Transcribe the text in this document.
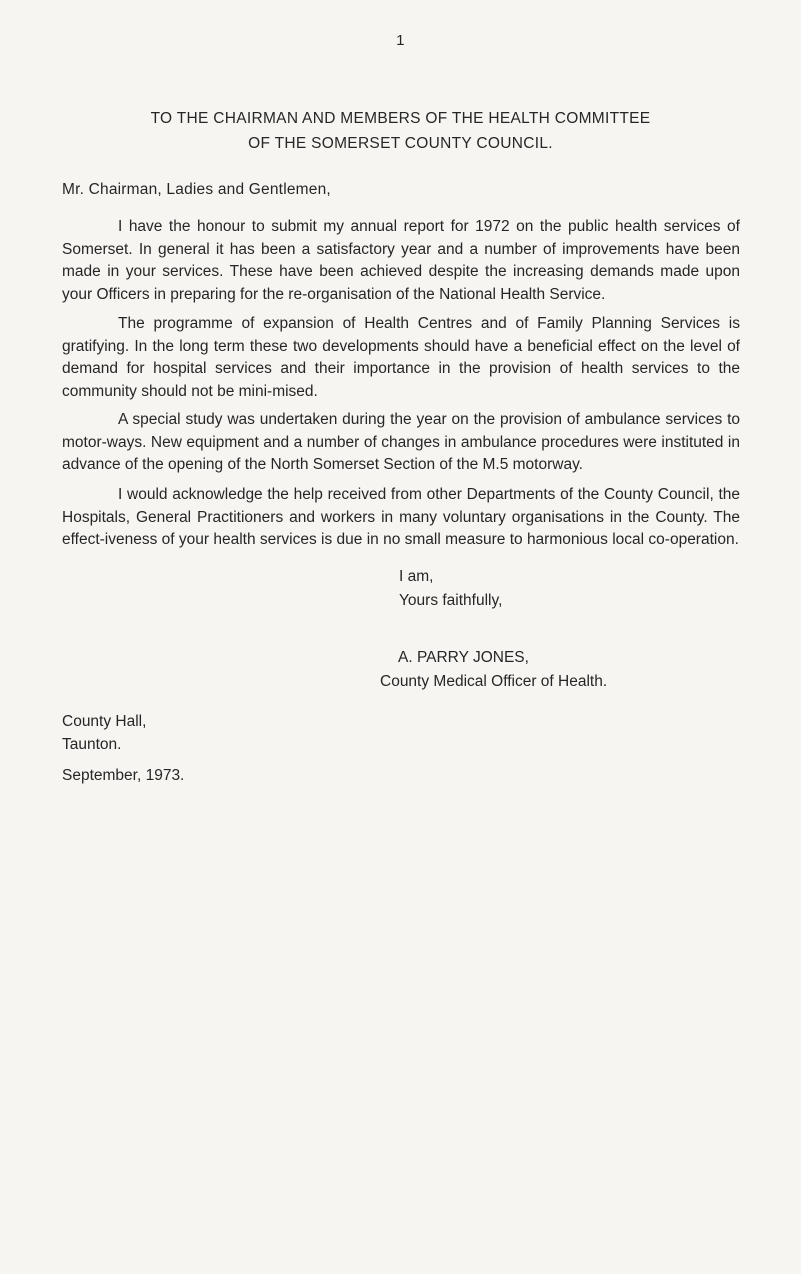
1
TO THE CHAIRMAN AND MEMBERS OF THE HEALTH COMMITTEE
OF THE SOMERSET COUNTY COUNCIL.
Mr. Chairman, Ladies and Gentlemen,
I have the honour to submit my annual report for 1972 on the public health services of Somerset. In general it has been a satisfactory year and a number of improvements have been made in your services. These have been achieved despite the increasing demands made upon your Officers in preparing for the re-organisation of the National Health Service.
The programme of expansion of Health Centres and of Family Planning Services is gratifying. In the long term these two developments should have a beneficial effect on the level of demand for hospital services and their importance in the provision of health services to the community should not be mini-mised.
A special study was undertaken during the year on the provision of ambulance services to motor-ways. New equipment and a number of changes in ambulance procedures were instituted in advance of the opening of the North Somerset Section of the M.5 motorway.
I would acknowledge the help received from other Departments of the County Council, the Hospitals, General Practitioners and workers in many voluntary organisations in the County. The effect-iveness of your health services is due in no small measure to harmonious local co-operation.
I am,
Yours faithfully,
A. PARRY JONES,
County Medical Officer of Health.
County Hall,
Taunton.
September, 1973.
